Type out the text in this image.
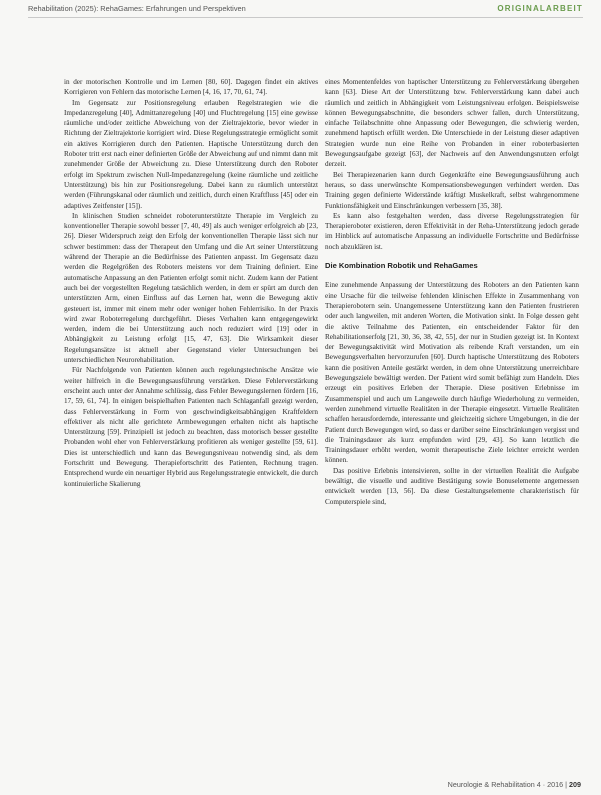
Rehabilitation (2025): RehaGames: Erfahrungen und Perspektiven	ORIGINALARBEIT

in der motorischen Kontrolle und im Lernen [80, 60]. Dagegen findet ein aktives Korrigieren von Fehlern das motorische Lernen [4, 16, 17, 70, 61, 74].

Im Gegensatz zur Positionsregelung erlauben Regelstrategien wie die Impedanzregelung [40], Admittanzregelung [40] und Fluchtregelung [15] eine gewisse räumliche und/oder zeitliche Abweichung von der Zieltrajektorie, bevor wieder in Richtung der Zieltrajektorie korrigiert wird. Diese Regelungsstrategie ermöglicht somit ein aktives Korrigieren durch den Patienten. Haptische Unterstützung durch den Roboter tritt erst nach einer definierten Größe der Abweichung auf und nimmt dann mit zunehmender Größe der Abweichung zu. Diese Unterstützung durch den Roboter erfolgt im Spektrum zwischen Null-Impedanzregelung (keine räumliche und zeitliche Unterstützung) bis hin zur Positionsregelung. Dabei kann zu räumlich unterstützt werden (Führungskanal oder räumlich und zeitlich, durch einen Kraftfluss [45] oder ein adaptives Zeitfenster [15]).

In klinischen Studien schneidet roboterunterstützte Therapie im Vergleich zu konventioneller Therapie sowohl besser [7, 40, 49] als auch weniger erfolgreich ab [23, 26]. Dieser Widerspruch zeigt den Erfolg der konventionellen Therapie lässt sich nur schwer bestimmen: dass der Therapeut den Umfang und die Art seiner Unterstützung während der Therapie an die Bedürfnisse des Patienten anpasst. Im Gegensatz dazu werden die Regelgrößen des Roboters meistens vor dem Training definiert. Eine automatische Anpassung an den Patienten erfolgt somit nicht. Zudem kann der Patient auch bei der vorgestellten Regelung tatsächlich werden, in dem er spürt am durch den unterstützten Arm, einen Einfluss auf das Lernen hat, wenn die Bewegung aktiv gesteuert ist, immer mit einem mehr oder weniger hohen Fehlerrisiko. In der Praxis wird zwar Roboterregelung durchgeführt. Dieses Verhalten kann entgegengewirkt werden, indem die bei Unterstützung auch noch reduziert wird [19] oder in Abhängigkeit zu Leistung erfolgt [15, 47, 63]. Die Wirksamkeit dieser Regelungsansätze ist aktuell aber Gegenstand vieler Untersuchungen bei unterschiedlichen Neurorehabilitation.

Für Nachfolgende von Patienten können auch regelungstechnische Ansätze wie weiter hilfreich in die Bewegungsausführung verstärken. Diese Fehlerverstärkung erscheint auch unter der Annahme schlüssig, dass Fehler Bewegungslernen fördern [16, 17, 59, 61, 74]. In einigen beispielhaften Patienten nach Schlaganfall gezeigt werden, dass Fehlerverstärkung in Form von geschwindigkeitsabhängigen Kraftfeldern effektiver als nicht alle gerichtete Armbewegungen erhalten nicht als haptische Unterstützung [59]. Prinzipiell ist jedoch zu beachten, dass motorisch besser gestellte Probanden wohl eher von Fehlerverstärkung profitieren als weniger gestellte [59, 61]. Dies ist unterschiedlich und kann das Bewegungsniveau notwendig sind, als dem Fortschritt und Bewegung. Therapiefortschritt des Patienten, Rechnung tragen. Entsprechend wurde ein neuartiger Hybrid aus Regelungsstrategie entwickelt, die durch kontinuierliche Skalierung

eines Momentenfeldes von haptischer Unterstützung zu Fehlerverstärkung übergehen kann [63]. Diese Art der Unterstützung bzw. Fehlerverstärkung kann dabei auch räumlich und zeitlich in Abhängigkeit vom Leistungsniveau erfolgen. Beispielsweise können Bewegungsabschnitte, die besonders schwer fallen, durch Unterstützung, einfache Teilabschnitte ohne Anpassung oder Bewegungen, die schwierig werden, zunehmend haptisch erfüllt werden. Die Unterschiede in der Leistung dieser adaptiven Strategien wurde nun eine Reihe von Probanden in einer roboterbasierten Bewegungsaufgabe gezeigt [63], der Nachweis auf den Anwendungsnutzen erfolgt derzeit.

Bei Therapiezenarien kann durch Gegenkräfte eine Bewegungsausführung auch heraus, so dass unerwünschte Kompensationsbewegungen verhindert werden. Das Training gegen definierte Widerstände kräftigt Muskelkraft, selbst wahrgenommene Funktionsfähigkeit und Einschränkungen verbessern [35, 38].

Es kann also festgehalten werden, dass diverse Regelungsstrategien für Therapieroboter existieren, deren Effektivität in der Reha-Unterstützung jedoch gerade im Hinblick auf automatische Anpassung an individuelle Fortschritte und Bedürfnisse noch abzuklären ist.

Die Kombination Robotik und RehaGames

Eine zunehmende Anpassung der Unterstützung des Roboters an den Patienten kann eine Ursache für die teilweise fehlenden klinischen Effekte in Zusammenhang von Therapierobotern sein. Unangemessene Unterstützung kann den Patienten frustrieren oder auch langweilen, mit anderen Worten, die Motivation sinkt. In Folge dessen geht die aktive Teilnahme des Patienten, ein entscheidender Faktor für den Rehabilitationserfolg [21, 30, 36, 38, 42, 55], der nur in Studien gezeigt ist. In Kontext der Bewegungsaktivität wird Motivation als reibende Kraft verstanden, um ein Bewegungsverhalten hervorzurufen [60]. Durch haptische Unterstützung des Roboters kann die positiven Anteile gestärkt werden, in dem ohne Unterstützung unerreichbare Bewegungsziele bewältigt werden. Der Patient wird somit befähigt zum Handeln. Dies erzeugt ein positives Erleben der Therapie. Diese positiven Erlebnisse im Zusammenspiel und auch um Langeweile durch häufige Wiederholung zu vermeiden, werden zunehmend virtuelle Realitäten in der Therapie eingesetzt. Virtuelle Realitäten schaffen herausfordernde, interessante und gleichzeitig sichere Umgebungen, in die der Patient durch Bewegungen wird, so dass er darüber seine Einschränkungen vergisst und die Trainingsdauer als kurz empfunden wird [29, 43]. So kann letztlich die Trainingsdauer erhöht werden, womit therapeutische Ziele leichter erreicht werden können.

Das positive Erlebnis intensivieren, sollte in der virtuellen Realität die Aufgabe bewältigt, die visuelle und auditive Bestätigung sowie Bonuselemente angemessen entwickelt werden [13, 56]. Da diese Gestaltungselemente charakteristisch für Computerspiele sind,

Neurologie & Rehabilitation 4 · 2016 | 209
